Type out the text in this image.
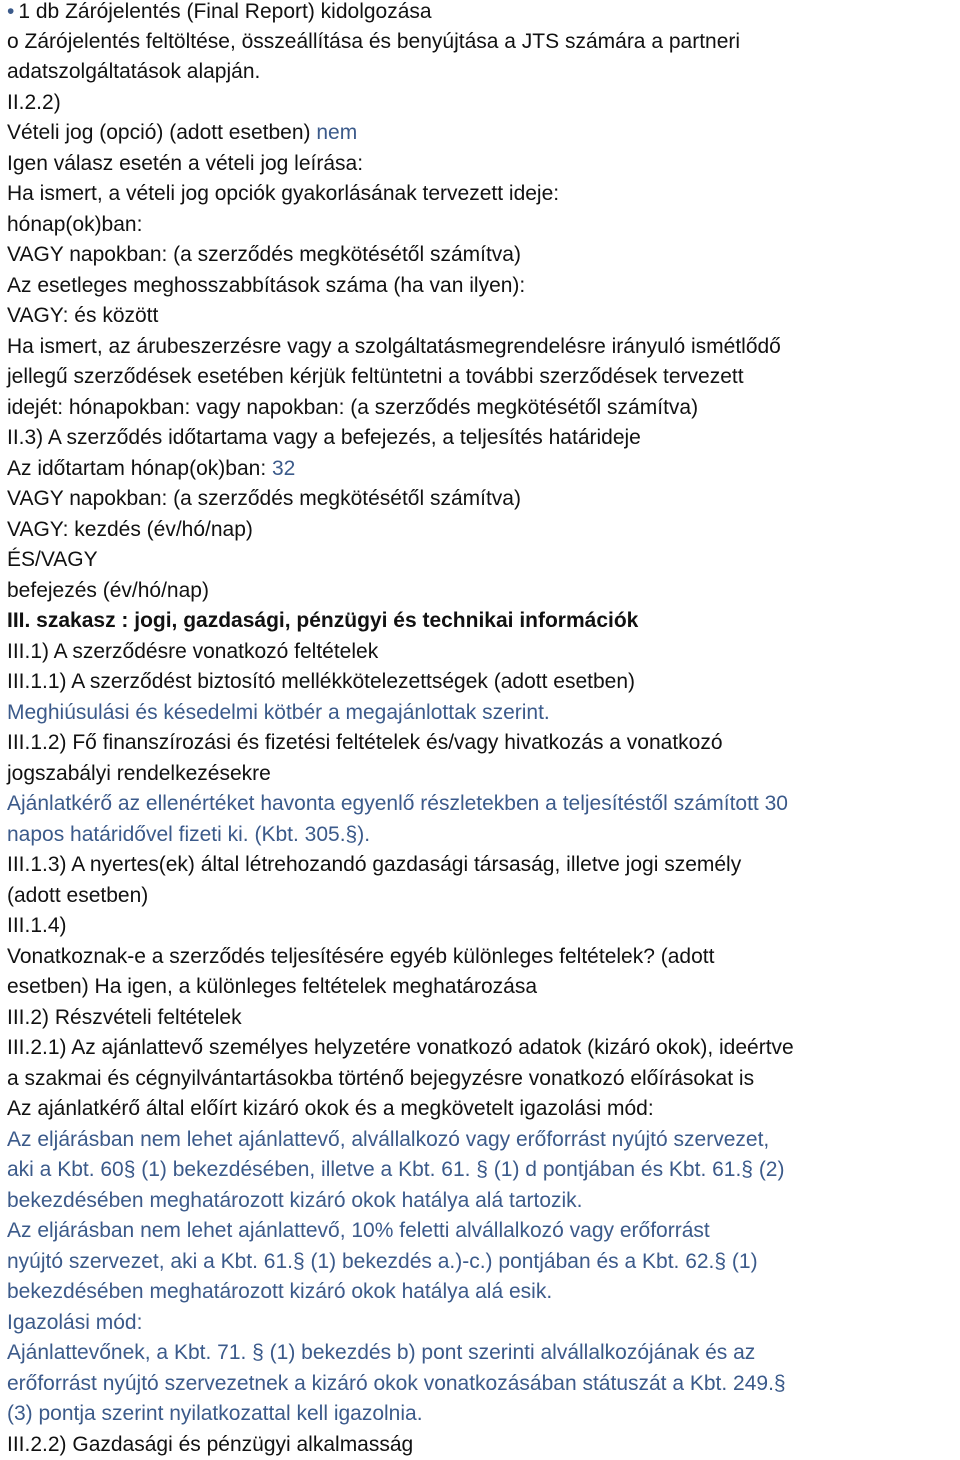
• 1 db Zárójelentés (Final Report) kidolgozása
o Zárójelentés feltöltése, összeállítása és benyújtása a JTS számára a partneri
adatszolgáltatások alapján.
II.2.2)
Vételi jog (opció) (adott esetben) nem
Igen válasz esetén a vételi jog leírása:
Ha ismert, a vételi jog opciók gyakorlásának tervezett ideje:
hónap(ok)ban:
VAGY napokban: (a szerződés megkötésétől számítva)
Az esetleges meghosszabbítások száma (ha van ilyen):
VAGY: és között
Ha ismert, az árubeszerzésre vagy a szolgáltatásmegrendelésre irányuló ismétlődő
jellegű szerződések esetében kérjük feltüntetni a további szerződések tervezett
idejét: hónapokban: vagy napokban: (a szerződés megkötésétől számítva)
II.3) A szerződés időtartama vagy a befejezés, a teljesítés határideje
Az időtartam hónap(ok)ban: 32
VAGY napokban: (a szerződés megkötésétől számítva)
VAGY: kezdés (év/hó/nap)
ÉS/VAGY
befejezés (év/hó/nap)
III. szakasz : jogi, gazdasági, pénzügyi és technikai információk
III.1) A szerződésre vonatkozó feltételek
III.1.1) A szerződést biztosító mellékkötelezettségek (adott esetben)
Meghiúsulási és késedelmi kötbér a megajánlottak szerint.
III.1.2) Fő finanszírozási és fizetési feltételek és/vagy hivatkozás a vonatkozó
jogszabályi rendelkezésekre
Ajánlatkérő az ellenértéket havonta egyenlő részletekben a teljesítéstől számított 30
napos határidővel fizeti ki. (Kbt. 305.§).
III.1.3) A nyertes(ek) által létrehozandó gazdasági társaság, illetve jogi személy
(adott esetben)
III.1.4)
Vonatkoznak-e a szerződés teljesítésére egyéb különleges feltételek? (adott
esetben) Ha igen, a különleges feltételek meghatározása
III.2) Részvételi feltételek
III.2.1) Az ajánlattevő személyes helyzetére vonatkozó adatok (kizáró okok), ideértve
a szakmai és cégnyilvántartásokba történő bejegyzésre vonatkozó előírásokat is
Az ajánlatkérő által előírt kizáró okok és a megkövetelt igazolási mód:
Az eljárásban nem lehet ajánlattevő, alvállalkozó vagy erőforrást nyújtó szervezet,
aki a Kbt. 60§ (1) bekezdésében, illetve a Kbt. 61. § (1) d pontjában és Kbt. 61.§ (2)
bekezdésében meghatározott kizáró okok hatálya alá tartozik.
Az eljárásban nem lehet ajánlattevő, 10% feletti alvállalkozó vagy erőforrást
nyújtó szervezet, aki a Kbt. 61.§ (1) bekezdés a.)-c.) pontjában és a Kbt. 62.§ (1)
bekezdésében meghatározott kizáró okok hatálya alá esik.
Igazolási mód:
Ajánlattevőnek, a Kbt. 71. § (1) bekezdés b) pont szerinti alvállalkozójának és az
erőforrást nyújtó szervezetnek a kizáró okok vonatkozásában státuszát a Kbt. 249.§
(3) pontja szerint nyilatkozattal kell igazolnia.
III.2.2) Gazdasági és pénzügyi alkalmasság
